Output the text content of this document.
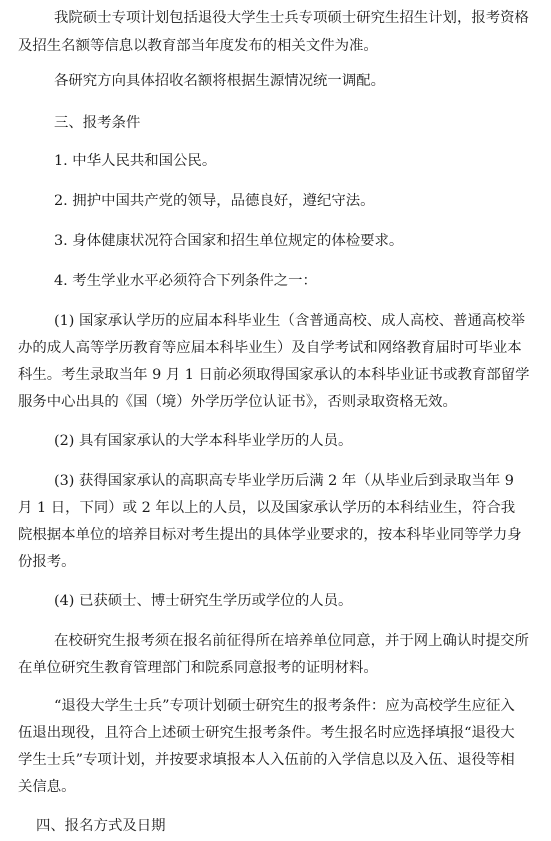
我院硕士专项计划包括退役大学生士兵专项硕士研究生招生计划，报考资格
及招生名额等信息以教育部当年度发布的相关文件为准。
各研究方向具体招收名额将根据生源情况统一调配。
三、报考条件
1. 中华人民共和国公民。
2. 拥护中国共产党的领导，品德良好，遵纪守法。
3. 身体健康状况符合国家和招生单位规定的体检要求。
4. 考生学业水平必须符合下列条件之一：
(1) 国家承认学历的应届本科毕业生（含普通高校、成人高校、普通高校举
办的成人高等学历教育等应届本科毕业生）及自学考试和网络教育届时可毕业本
科生。考生录取当年 9 月 1 日前必须取得国家承认的本科毕业证书或教育部留学
服务中心出具的《国（境）外学历学位认证书》，否则录取资格无效。
(2) 具有国家承认的大学本科毕业学历的人员。
(3) 获得国家承认的高职高专毕业学历后满 2 年（从毕业后到录取当年 9
月 1 日，下同）或 2 年以上的人员，以及国家承认学历的本科结业生，符合我
院根据本单位的培养目标对考生提出的具体学业要求的，按本科毕业同等学力身
份报考。
(4) 已获硕士、博士研究生学历或学位的人员。
在校研究生报考须在报名前征得所在培养单位同意，并于网上确认时提交所
在单位研究生教育管理部门和院系同意报考的证明材料。
“退役大学生士兵”专项计划硕士研究生的报考条件：应为高校学生应征入
伍退出现役，且符合上述硕士研究生报考条件。考生报名时应选择填报“退役大
学生士兵”专项计划，并按要求填报本人入伍前的入学信息以及入伍、退役等相
关信息。
四、报名方式及日期
